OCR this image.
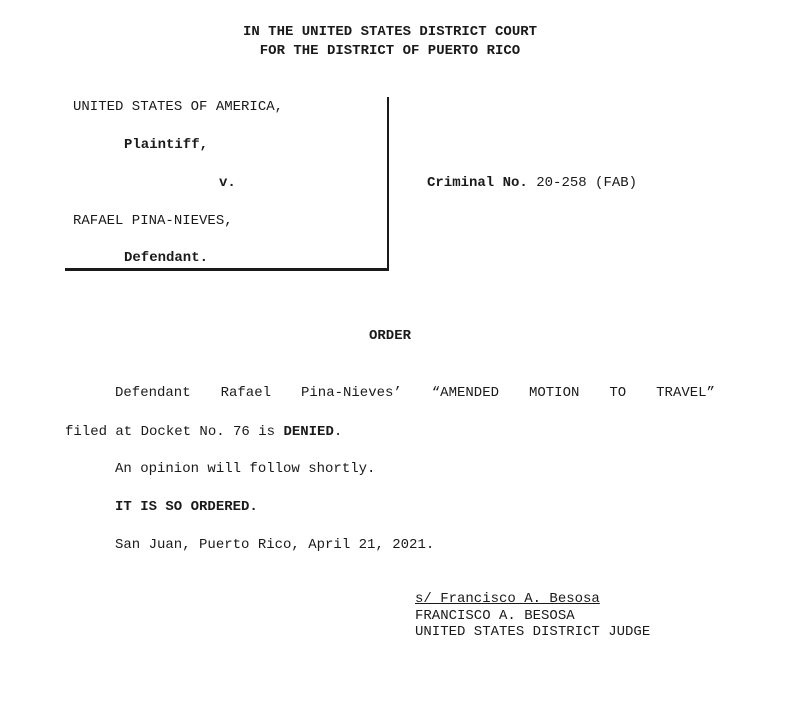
IN THE UNITED STATES DISTRICT COURT
FOR THE DISTRICT OF PUERTO RICO
UNITED STATES OF AMERICA,
Plaintiff,
v.
RAFAEL PINA-NIEVES,
Defendant.
Criminal No. 20-258 (FAB)
ORDER
Defendant Rafael Pina-Nieves’ “AMENDED MOTION TO TRAVEL”
filed at Docket No. 76 is DENIED.
An opinion will follow shortly.
IT IS SO ORDERED.
San Juan, Puerto Rico, April 21, 2021.
s/ Francisco A. Besosa
FRANCISCO A. BESOSA
UNITED STATES DISTRICT JUDGE
